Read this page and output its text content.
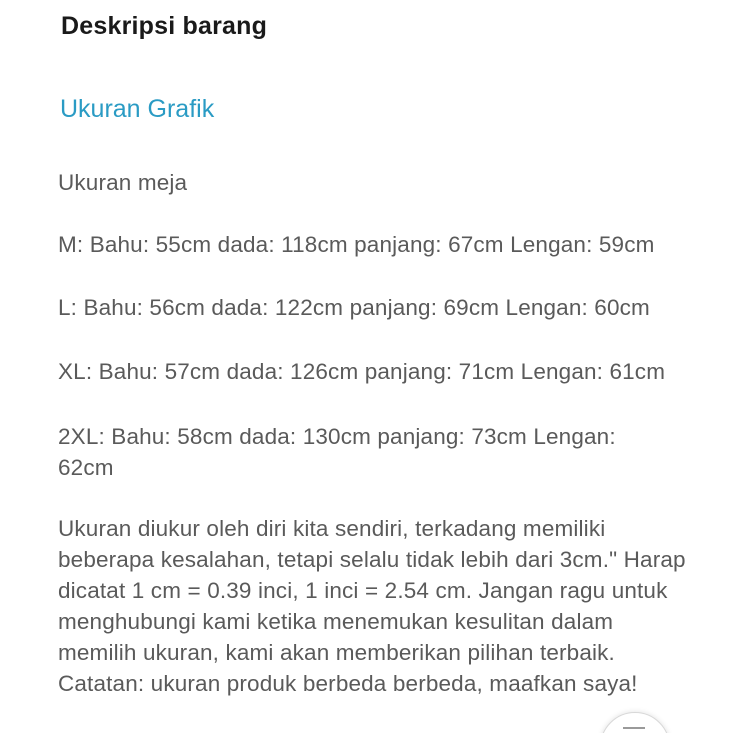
Deskripsi barang
Ukuran Grafik
Ukuran meja
M: Bahu: 55cm dada: 118cm panjang: 67cm Lengan: 59cm
L: Bahu: 56cm dada: 122cm panjang: 69cm Lengan: 60cm
XL: Bahu: 57cm dada: 126cm panjang: 71cm Lengan: 61cm
2XL: Bahu: 58cm dada: 130cm panjang: 73cm Lengan: 62cm
Ukuran diukur oleh diri kita sendiri, terkadang memiliki beberapa kesalahan, tetapi selalu tidak lebih dari 3cm." Harap dicatat 1 cm = 0.39 inci, 1 inci = 2.54 cm. Jangan ragu untuk menghubungi kami ketika menemukan kesulitan dalam memilih ukuran, kami akan memberikan pilihan terbaik. Catatan: ukuran produk berbeda berbeda, maafkan saya!
